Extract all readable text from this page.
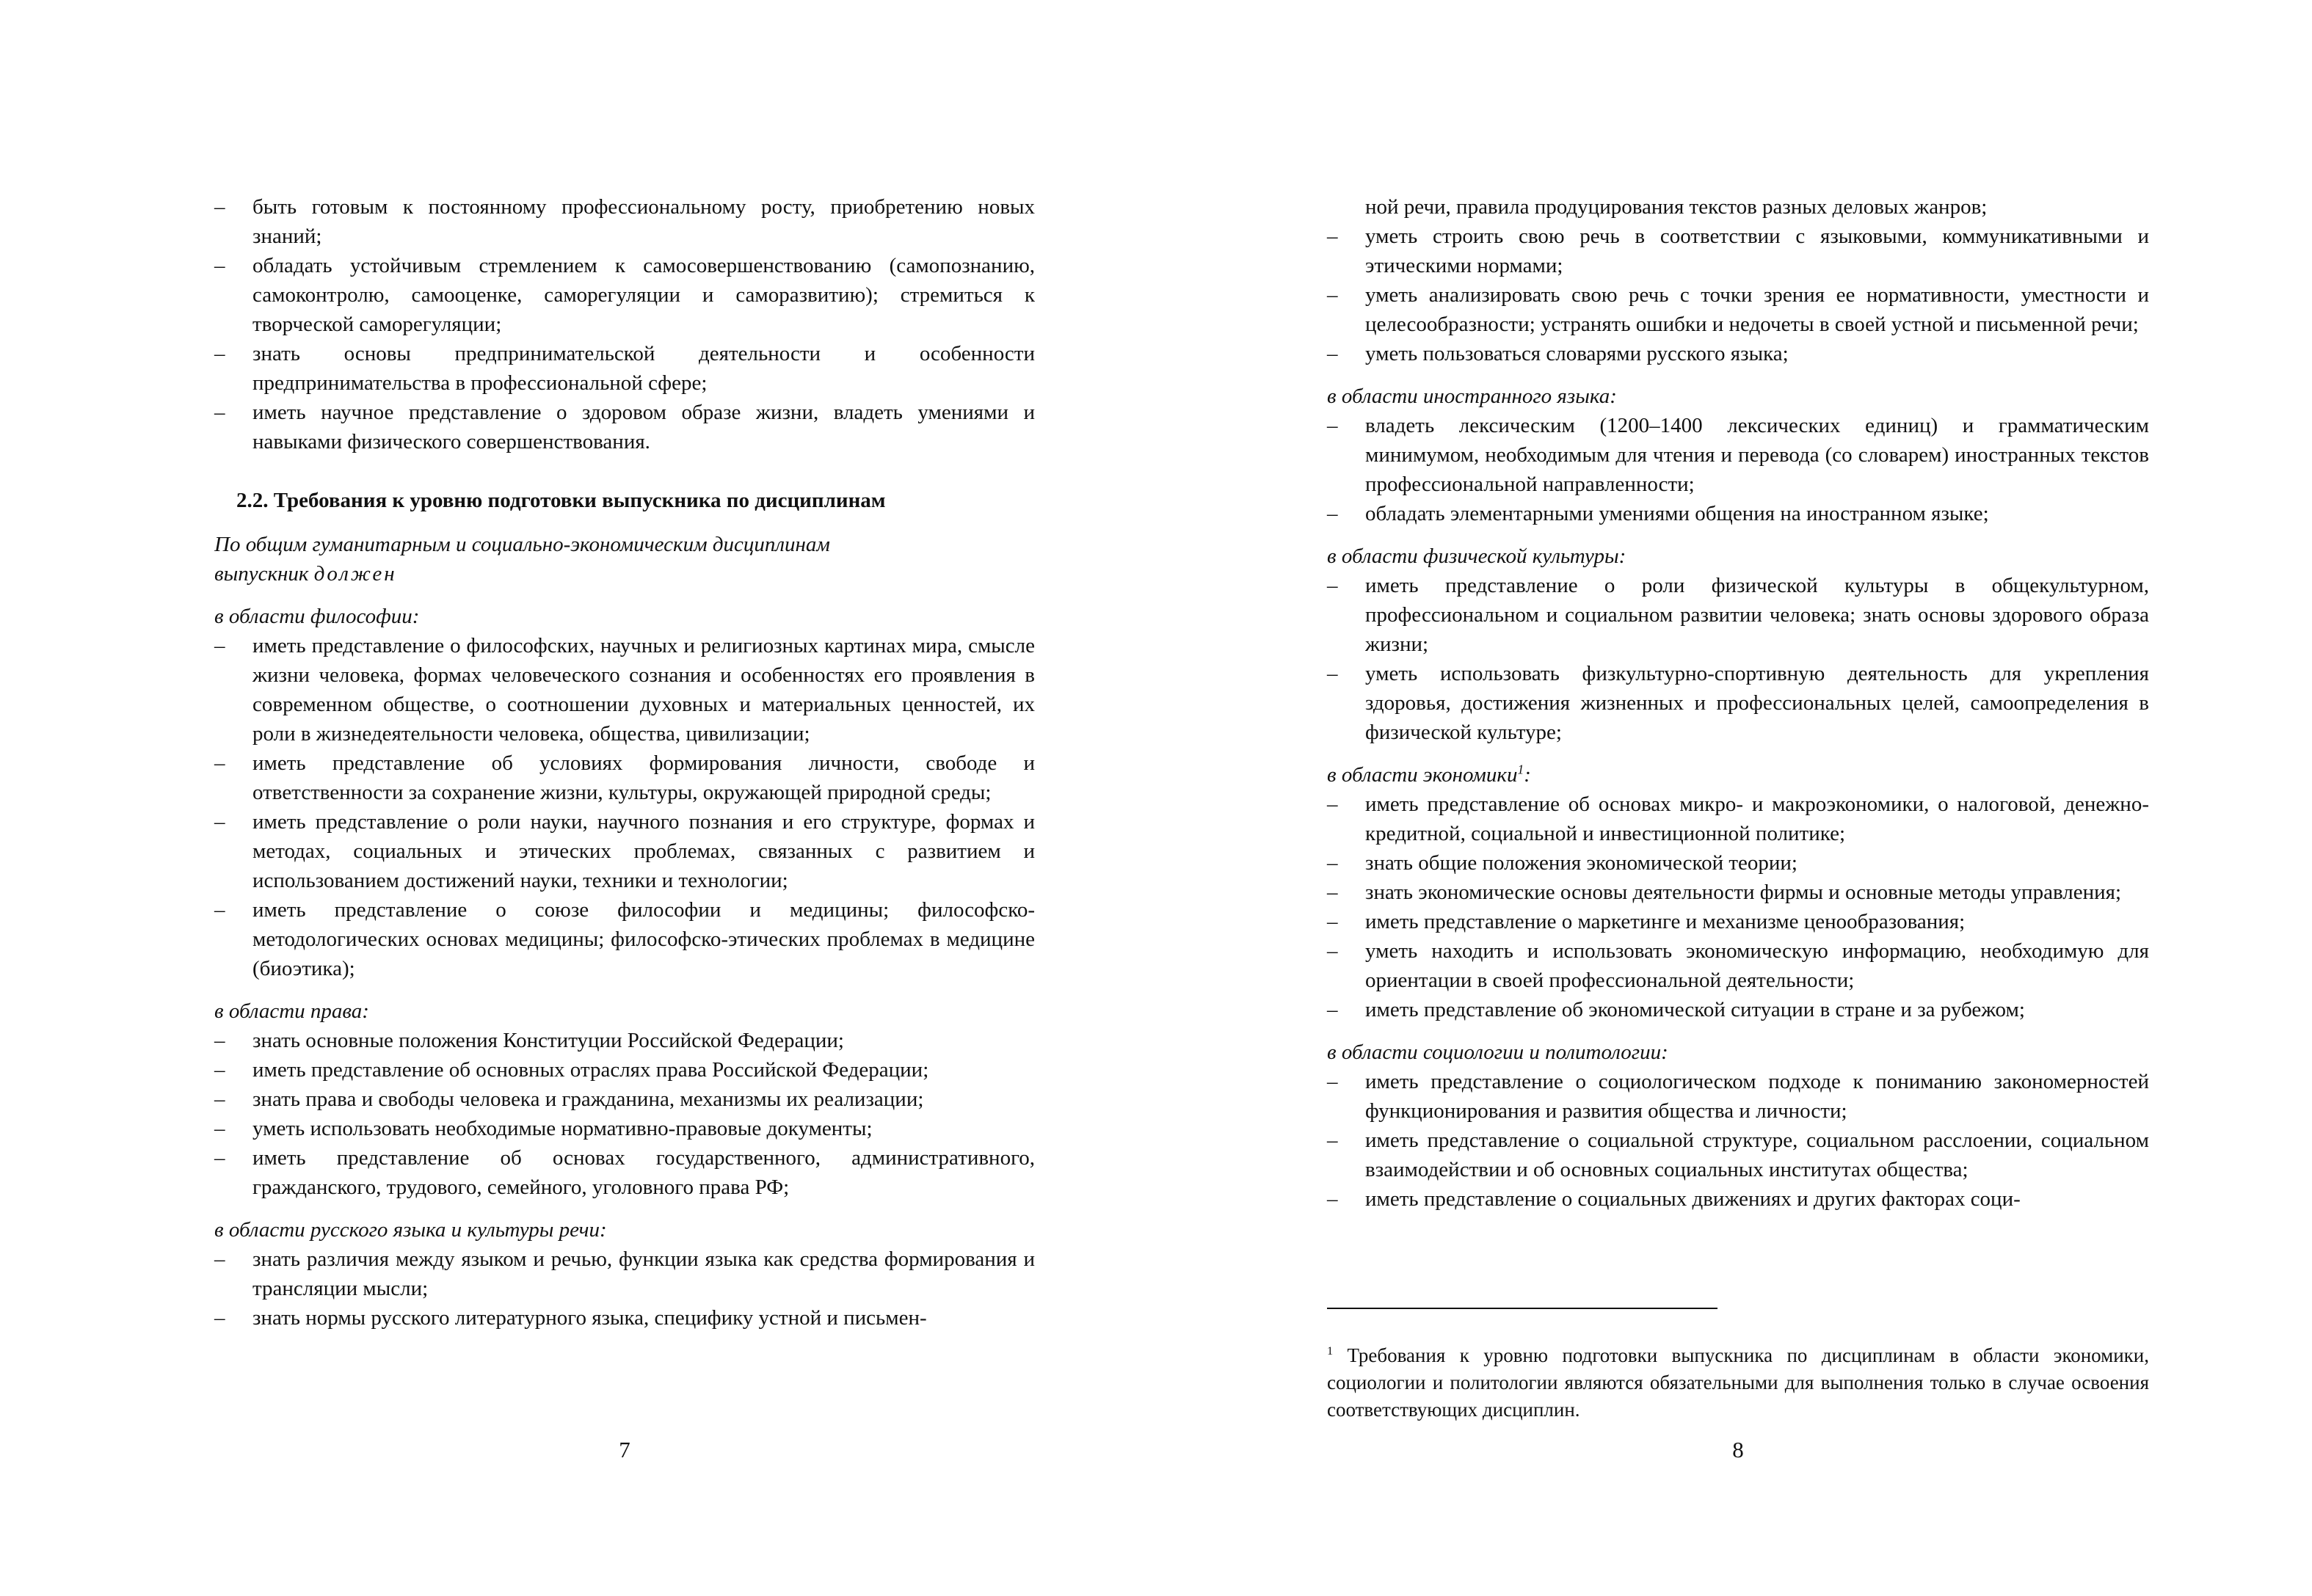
–	быть готовым к постоянному профессиональному росту, приобретению новых знаний;

–	обладать устойчивым стремлением к самосовершенствованию (самопознанию, самоконтролю, самооценке, саморегуляции и саморазвитию); стремиться к творческой саморегуляции;

–	знать основы предпринимательской деятельности и особенности предпринимательства в профессиональной сфере;

–	иметь научное представление о здоровом образе жизни, владеть умениями и навыками физического совершенствования.

2.2. Требования к уровню подготовки выпускника по дисциплинам

По общим гуманитарным и социально-экономическим дисциплинам
выпускник должен

в области философии:

–	иметь представление о философских, научных и религиозных картинах мира, смысле жизни человека, формах человеческого сознания и особенностях его проявления в современном обществе, о соотношении духовных и материальных ценностей, их роли в жизнедеятельности человека, общества, цивилизации;

–	иметь представление об условиях формирования личности, свободе и ответственности за сохранение жизни, культуры, окружающей природной среды;

–	иметь представление о роли науки, научного познания и его структуре, формах и методах, социальных и этических проблемах, связанных с развитием и использованием достижений науки, техники и технологии;

–	иметь представление о союзе философии и медицины; философско-методологических основах медицины; философско-этических проблемах в медицине (биоэтика);

в области права:

–	знать основные положения Конституции Российской Федерации;

–	иметь представление об основных отраслях права Российской Федерации;

–	знать права и свободы человека и гражданина, механизмы их реализации;

–	уметь использовать необходимые нормативно-правовые документы;

–	иметь представление об основах государственного, административного, гражданского, трудового, семейного, уголовного права РФ;

в области русского языка и культуры речи:

–	знать различия между языком и речью, функции языка как средства формирования и трансляции мысли;

–	знать нормы русского литературного языка, специфику устной и письмен-

7

ной речи, правила продуцирования текстов разных деловых жанров;

–	уметь строить свою речь в соответствии с языковыми, коммуникативными и этическими нормами;

–	уметь анализировать свою речь с точки зрения ее нормативности, уместности и целесообразности; устранять ошибки и недочеты в своей устной и письменной речи;

–	уметь пользоваться словарями русского языка;

в области иностранного языка:

–	владеть лексическим (1200–1400 лексических единиц) и грамматическим минимумом, необходимым для чтения и перевода (со словарем) иностранных текстов профессиональной направленности;

–	обладать элементарными умениями общения на иностранном языке;

в области физической культуры:

–	иметь представление о роли физической культуры в общекультурном, профессиональном и социальном развитии человека; знать основы здорового образа жизни;

–	уметь использовать физкультурно-спортивную деятельность для укрепления здоровья, достижения жизненных и профессиональных целей, самоопределения в физической культуре;

в области экономики$^1$:

–	иметь представление об основах микро- и макроэкономики, о налоговой, денежно-кредитной, социальной и инвестиционной политике;

–	знать общие положения экономической теории;

–	знать экономические основы деятельности фирмы и основные методы управления;

–	иметь представление о маркетинге и механизме ценообразования;

–	уметь находить и использовать экономическую информацию, необходимую для ориентации в своей профессиональной деятельности;

–	иметь представление об экономической ситуации в стране и за рубежом;

в области социологии и политологии:

–	иметь представление о социологическом подходе к пониманию закономерностей функционирования и развития общества и личности;

–	иметь представление о социальной структуре, социальном расслоении, социальном взаимодействии и об основных социальных институтах общества;

–	иметь представление о социальных движениях и других факторах соци-

$^1$ Требования к уровню подготовки выпускника по дисциплинам в области экономики, социологии и политологии являются обязательными для выполнения только в случае освоения соответствующих дисциплин.

8
